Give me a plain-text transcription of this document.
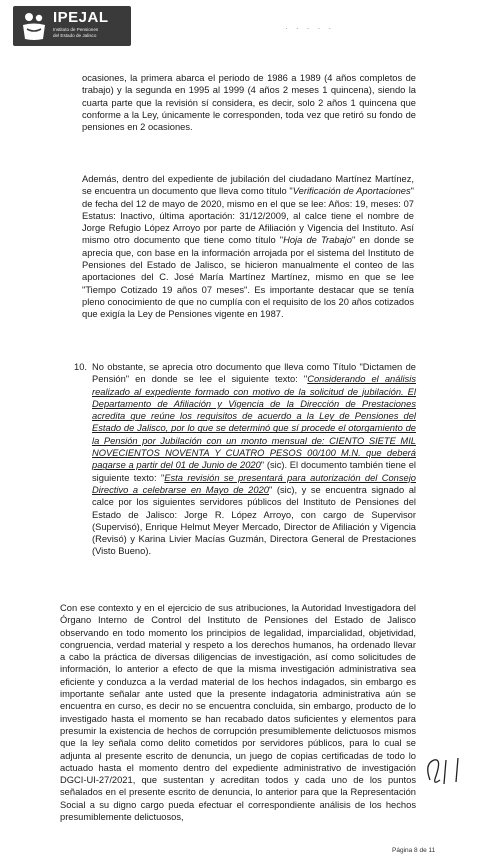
IPEJAL
Instituto de Pensiones
del Estado de Jalisco
· · · · ·
ocasiones, la primera abarca el periodo de 1986 a 1989 (4 años completos de trabajo) y la segunda en 1995 al 1999 (4 años 2 meses 1 quincena), siendo la cuarta parte que la revisión sí considera, es decir, solo 2 años 1 quincena que conforme a la Ley, únicamente le corresponden, toda vez que retiró su fondo de pensiones en 2 ocasiones.
Además, dentro del expediente de jubilación del ciudadano Martínez Martínez, se encuentra un documento que lleva como título "Verificación de Aportaciones" de fecha del 12 de mayo de 2020, mismo en el que se lee: Años: 19, meses: 07 Estatus: Inactivo, última aportación: 31/12/2009, al calce tiene el nombre de Jorge Refugio López Arroyo por parte de Afiliación y Vigencia del Instituto. Así mismo otro documento que tiene como título "Hoja de Trabajo" en donde se aprecia que, con base en la información arrojada por el sistema del Instituto de Pensiones del Estado de Jalisco, se hicieron manualmente el conteo de las aportaciones del C. José María Martínez Martínez, mismo en que se lee "Tiempo Cotizado 19 años 07 meses". Es importante destacar que se tenía pleno conocimiento de que no cumplía con el requisito de los 20 años cotizados que exigía la Ley de Pensiones vigente en 1987.
10. No obstante, se aprecia otro documento que lleva como Título "Dictamen de Pensión" en donde se lee el siguiente texto: "Considerando el análisis realizado al expediente formado con motivo de la solicitud de jubilación. El Departamento de Afiliación y Vigencia de la Dirección de Prestaciones acredita que reúne los requisitos de acuerdo a la Ley de Pensiones del Estado de Jalisco, por lo que se determinó que sí procede el otorgamiento de la Pensión por Jubilación con un monto mensual de: CIENTO SIETE MIL NOVECIENTOS NOVENTA Y CUATRO PESOS 00/100 M.N. que deberá pagarse a partir del 01 de Junio de 2020" (sic). El documento también tiene el siguiente texto: "Esta revisión se presentará para autorización del Consejo Directivo a celebrarse en Mayo de 2020" (sic), y se encuentra signado al calce por los siguientes servidores públicos del Instituto de Pensiones del Estado de Jalisco: Jorge R. López Arroyo, con cargo de Supervisor (Supervisó), Enrique Helmut Meyer Mercado, Director de Afiliación y Vigencia (Revisó) y Karina Livier Macías Guzmán, Directora General de Prestaciones (Visto Bueno).
Con ese contexto y en el ejercicio de sus atribuciones, la Autoridad Investigadora del Órgano Interno de Control del Instituto de Pensiones del Estado de Jalisco observando en todo momento los principios de legalidad, imparcialidad, objetividad, congruencia, verdad material y respeto a los derechos humanos, ha ordenado llevar a cabo la práctica de diversas diligencias de investigación, así como solicitudes de información, lo anterior a efecto de que la misma investigación administrativa sea eficiente y conduzca a la verdad material de los hechos indagados, sin embargo es importante señalar ante usted que la presente indagatoria administrativa aún se encuentra en curso, es decir no se encuentra concluida, sin embargo, producto de lo investigado hasta el momento se han recabado datos suficientes y elementos para presumir la existencia de hechos de corrupción presumiblemente delictuosos mismos que la ley señala como delito cometidos por servidores públicos, para lo cual se adjunta al presente escrito de denuncia, un juego de copias certificadas de todo lo actuado hasta el momento dentro del expediente administrativo de investigación DGCI-UI-27/2021, que sustentan y acreditan todos y cada uno de los puntos señalados en el presente escrito de denuncia, lo anterior para que la Representación Social a su digno cargo pueda efectuar el correspondiente análisis de los hechos presumiblemente delictuosos,
Página 8 de 11
